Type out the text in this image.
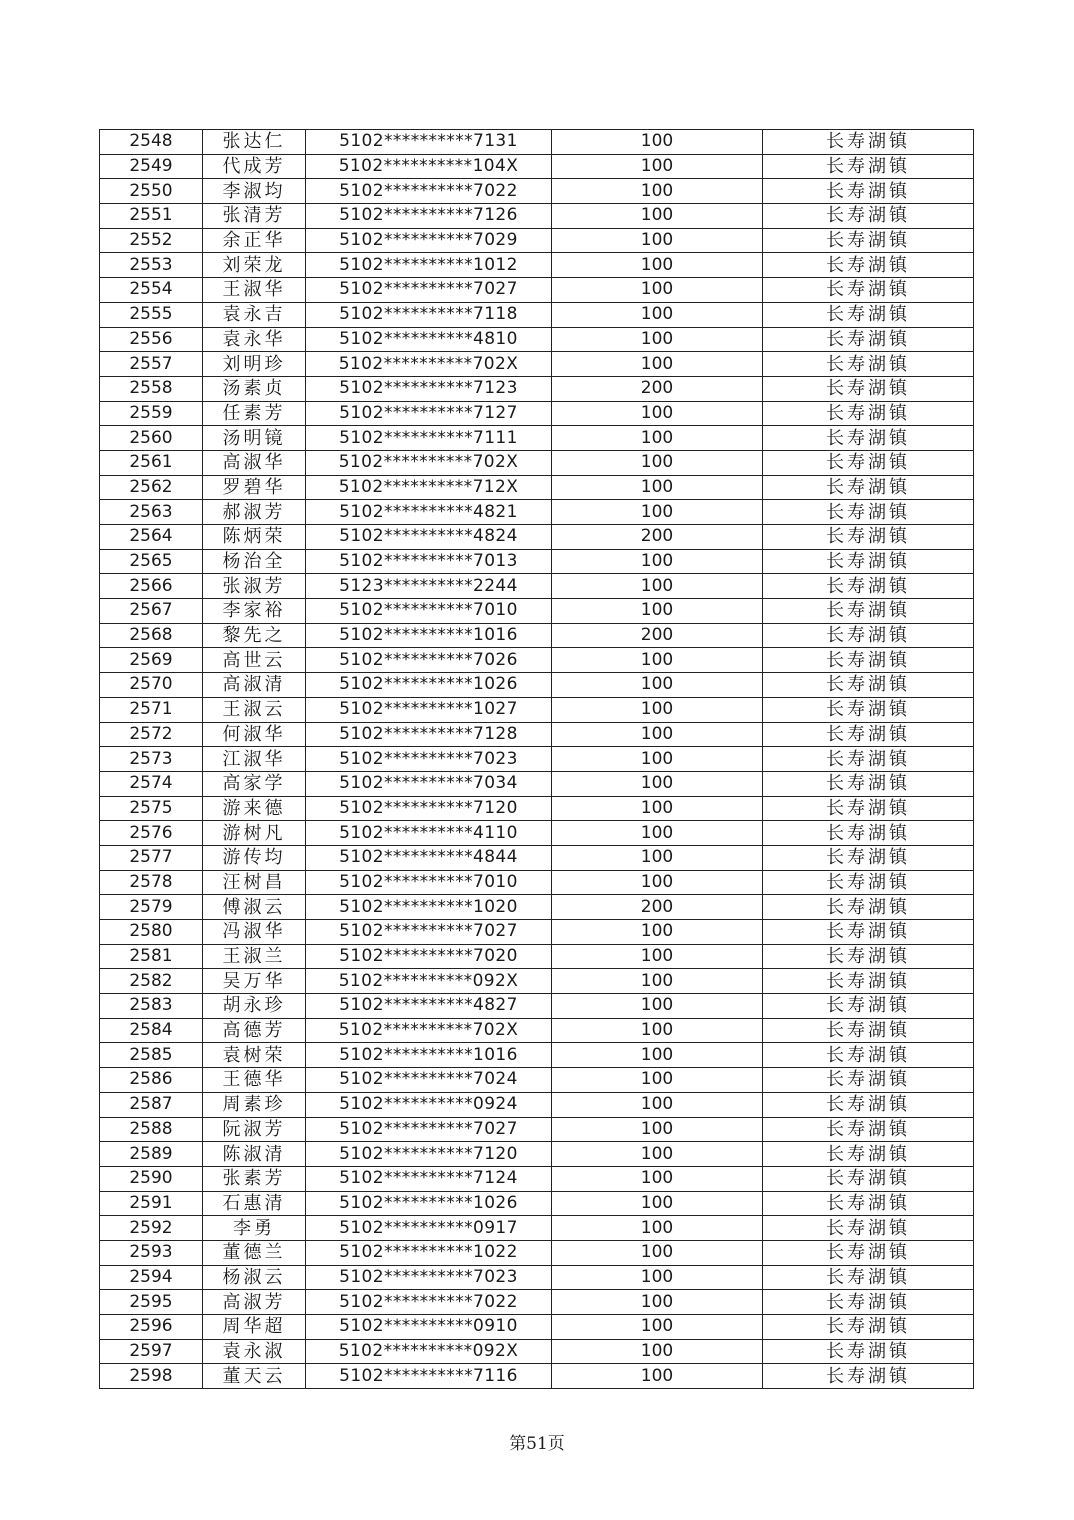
2548	张达仁	5102**********7131	100	长寿湖镇
2549	代成芳	5102**********104X	100	长寿湖镇
2550	李淑均	5102**********7022	100	长寿湖镇
2551	张清芳	5102**********7126	100	长寿湖镇
2552	余正华	5102**********7029	100	长寿湖镇
2553	刘荣龙	5102**********1012	100	长寿湖镇
2554	王淑华	5102**********7027	100	长寿湖镇
2555	袁永吉	5102**********7118	100	长寿湖镇
2556	袁永华	5102**********4810	100	长寿湖镇
2557	刘明珍	5102**********702X	100	长寿湖镇
2558	汤素贞	5102**********7123	200	长寿湖镇
2559	任素芳	5102**********7127	100	长寿湖镇
2560	汤明镜	5102**********7111	100	长寿湖镇
2561	高淑华	5102**********702X	100	长寿湖镇
2562	罗碧华	5102**********712X	100	长寿湖镇
2563	郝淑芳	5102**********4821	100	长寿湖镇
2564	陈炳荣	5102**********4824	200	长寿湖镇
2565	杨治全	5102**********7013	100	长寿湖镇
2566	张淑芳	5123**********2244	100	长寿湖镇
2567	李家裕	5102**********7010	100	长寿湖镇
2568	黎先之	5102**********1016	200	长寿湖镇
2569	高世云	5102**********7026	100	长寿湖镇
2570	高淑清	5102**********1026	100	长寿湖镇
2571	王淑云	5102**********1027	100	长寿湖镇
2572	何淑华	5102**********7128	100	长寿湖镇
2573	江淑华	5102**********7023	100	长寿湖镇
2574	高家学	5102**********7034	100	长寿湖镇
2575	游来德	5102**********7120	100	长寿湖镇
2576	游树凡	5102**********4110	100	长寿湖镇
2577	游传均	5102**********4844	100	长寿湖镇
2578	汪树昌	5102**********7010	100	长寿湖镇
2579	傅淑云	5102**********1020	200	长寿湖镇
2580	冯淑华	5102**********7027	100	长寿湖镇
2581	王淑兰	5102**********7020	100	长寿湖镇
2582	吴万华	5102**********092X	100	长寿湖镇
2583	胡永珍	5102**********4827	100	长寿湖镇
2584	高德芳	5102**********702X	100	长寿湖镇
2585	袁树荣	5102**********1016	100	长寿湖镇
2586	王德华	5102**********7024	100	长寿湖镇
2587	周素珍	5102**********0924	100	长寿湖镇
2588	阮淑芳	5102**********7027	100	长寿湖镇
2589	陈淑清	5102**********7120	100	长寿湖镇
2590	张素芳	5102**********7124	100	长寿湖镇
2591	石惠清	5102**********1026	100	长寿湖镇
2592	李勇	5102**********0917	100	长寿湖镇
2593	董德兰	5102**********1022	100	长寿湖镇
2594	杨淑云	5102**********7023	100	长寿湖镇
2595	高淑芳	5102**********7022	100	长寿湖镇
2596	周华超	5102**********0910	100	长寿湖镇
2597	袁永淑	5102**********092X	100	长寿湖镇
2598	董天云	5102**********7116	100	长寿湖镇
第51页
